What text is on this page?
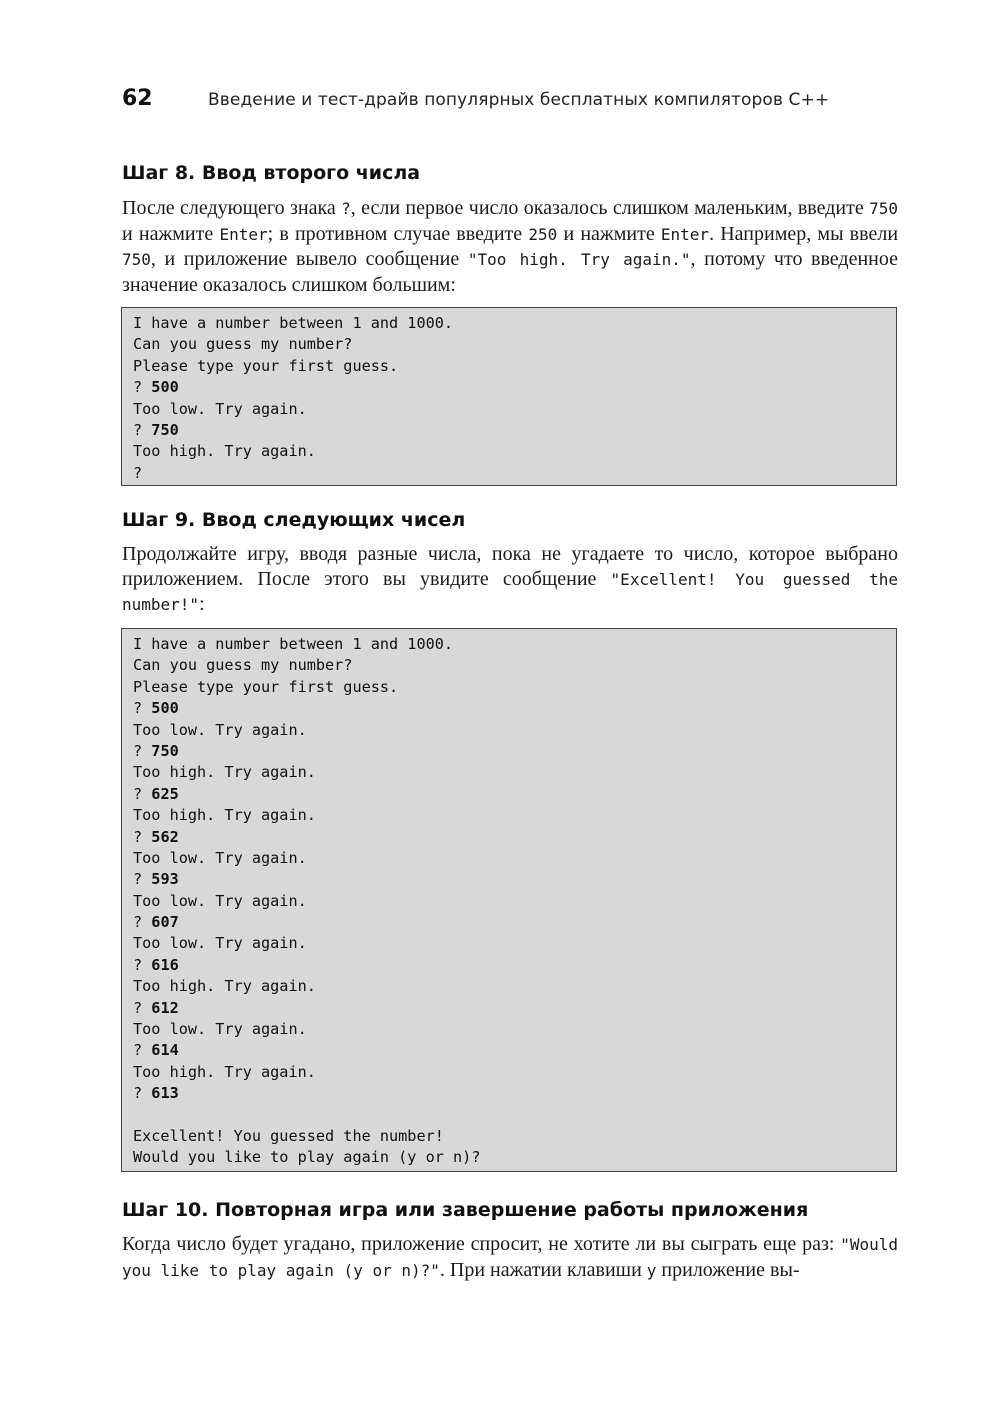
62	Введение и тест-драйв популярных бесплатных компиляторов C++
Шаг 8. Ввод второго числа

После следующего знака ?, если первое число оказалось слишком маленьким, введите 750 и нажмите Enter; в противном случае введите 250 и нажмите Enter. Например, мы ввели 750, и приложение вывело сообщение "Too high. Try again.", потому что введенное значение оказалось слишком большим:

I have a number between 1 and 1000.
Can you guess my number?
Please type your first guess.
? 500
Too low. Try again.
? 750
Too high. Try again.
?
Шаг 9. Ввод следующих чисел

Продолжайте игру, вводя разные числа, пока не угадаете то число, которое выбрано приложением. После этого вы увидите сообщение "Excellent! You guessed the number!":

I have a number between 1 and 1000.
Can you guess my number?
Please type your first guess.
? 500
Too low. Try again.
? 750
Too high. Try again.
? 625
Too high. Try again.
? 562
Too low. Try again.
? 593
Too low. Try again.
? 607
Too low. Try again.
? 616
Too high. Try again.
? 612
Too low. Try again.
? 614
Too high. Try again.
? 613
Excellent! You guessed the number!
Would you like to play again (y or n)?
Шаг 10. Повторная игра или завершение работы приложения

Когда число будет угадано, приложение спросит, не хотите ли вы сыграть еще раз: "Would you like to play again (y or n)?". При нажатии клавиши y приложение вы-
